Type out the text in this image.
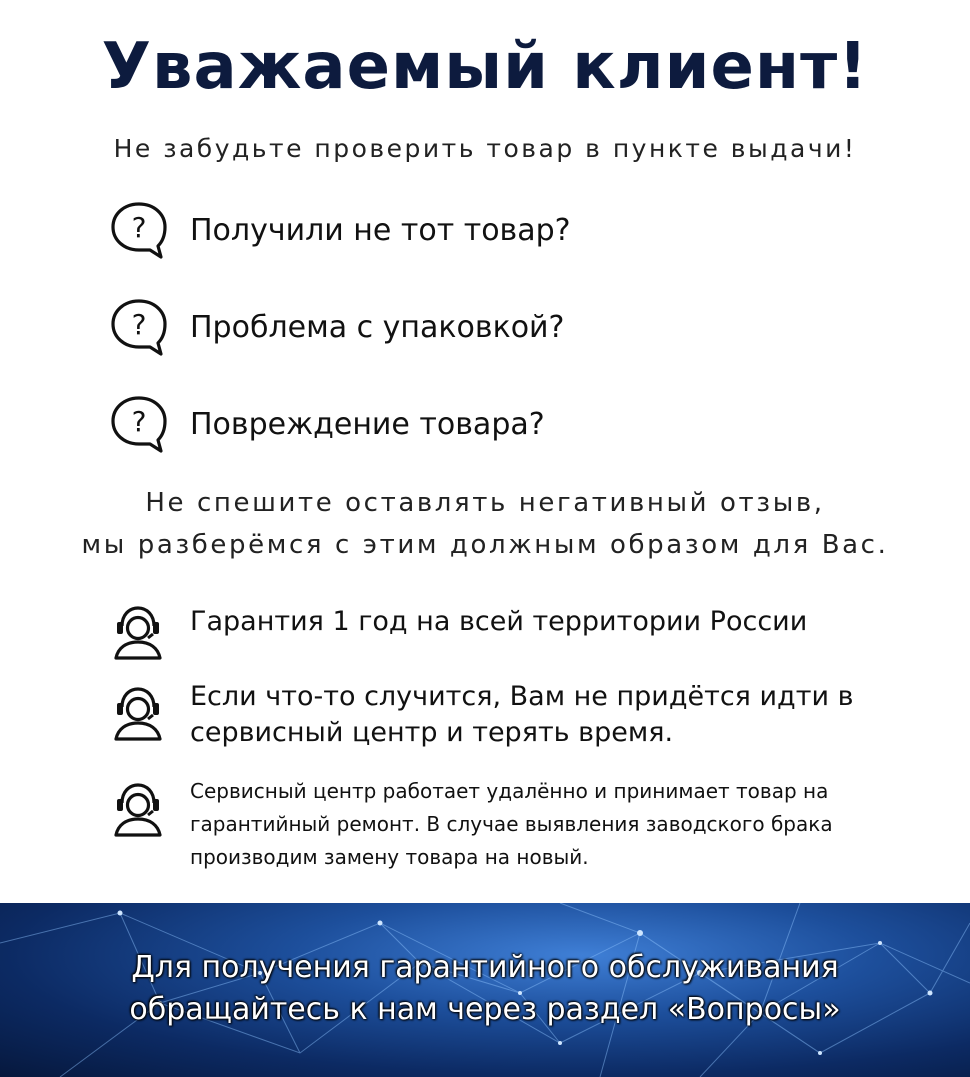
Уважаемый клиент!
Не забудьте проверить товар в пункте выдачи!
? Получили не тот товар?
? Проблема с упаковкой?
? Повреждение товара?
Не спешите оставлять негативный отзыв,
мы разберёмся с этим должным образом для Вас.
Гарантия 1 год на всей территории России
Если что-то случится, Вам не придётся идти в сервисный центр и терять время.
Сервисный центр работает удалённо и принимает товар на гарантийный ремонт. В случае выявления заводского брака производим замену товара на новый.
Для получения гарантийного обслуживания
обращайтесь к нам через раздел «Вопросы»
